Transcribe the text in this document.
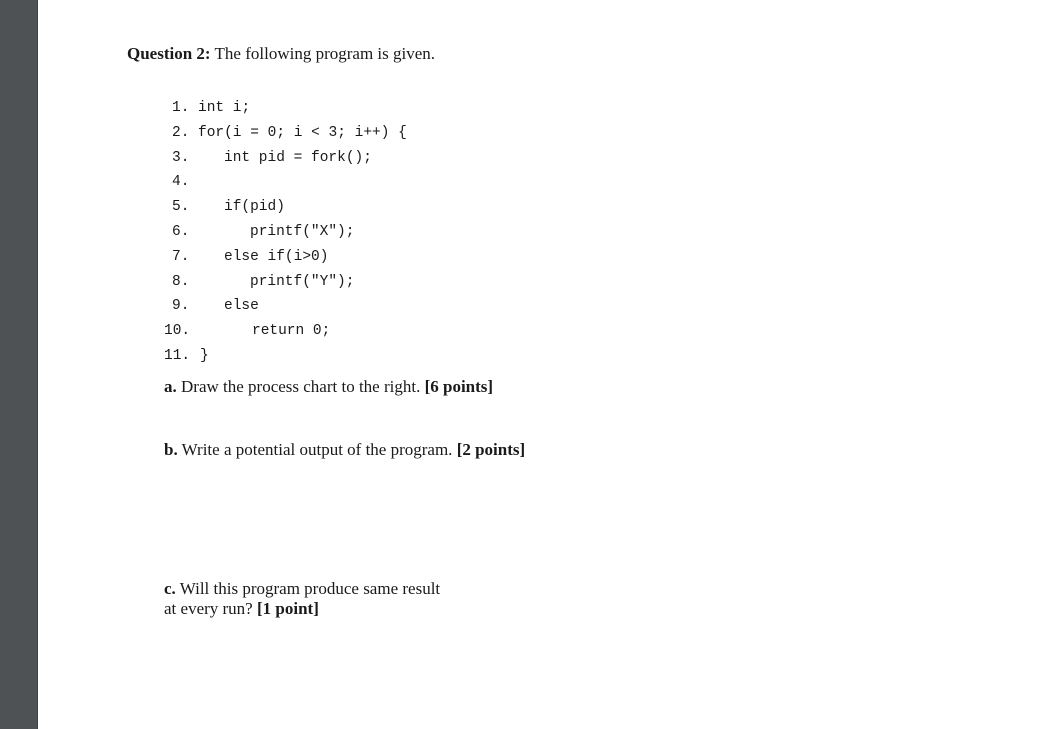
Question 2: The following program is given.
1. int i;
2. for(i = 0; i < 3; i++) {
3. int pid = fork();
4.
5. if(pid)
6.	printf("X");
7. else if(i>0)
8.	printf("Y");
9. else
10.	return 0;
11. }
a. Draw the process chart to the right. [6 points]
b. Write a potential output of the program. [2 points]
c. Will this program produce same result
at every run? [1 point]
